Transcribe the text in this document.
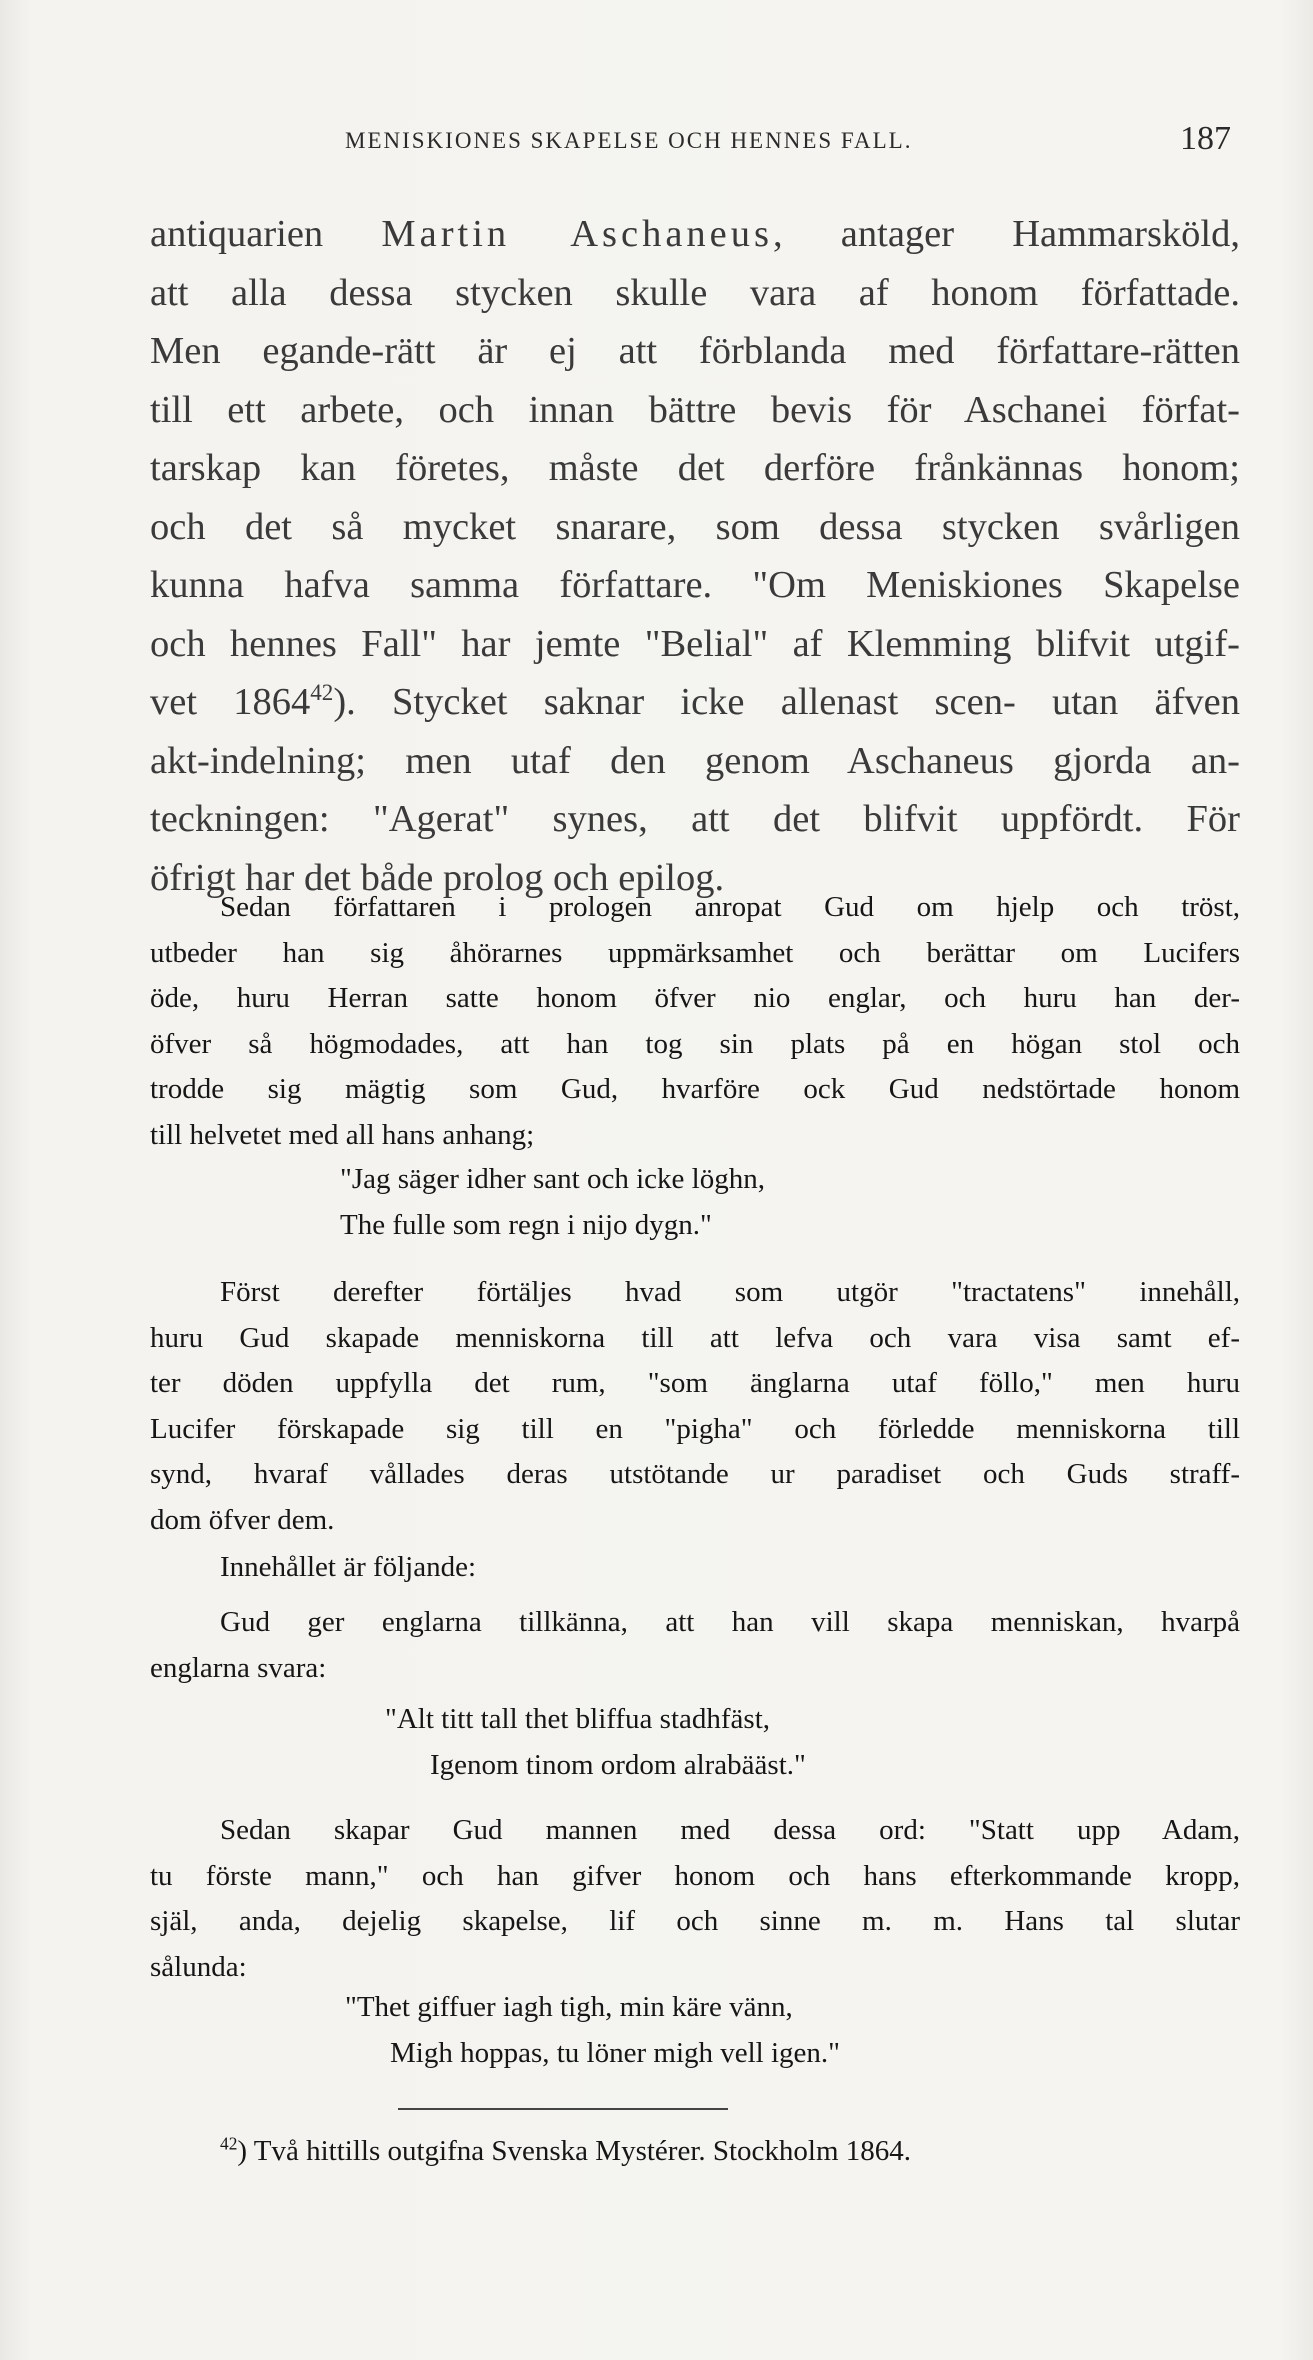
MENISKIONES SKAPELSE OCH HENNES FALL.	187
antiquarien Martin Aschaneus, antager Hammarsköld,
att alla dessa stycken skulle vara af honom författade.
Men egande-rätt är ej att förblanda med författare-rätten
till ett arbete, och innan bättre bevis för Aschanei förfat-
tarskap kan företes, måste det derföre frånkännas honom;
och det så mycket snarare, som dessa stycken svårligen
kunna hafva samma författare. "Om Meniskiones Skapelse
och hennes Fall" har jemte "Belial" af Klemming blifvit utgif-
vet 1864$^{42}$). Stycket saknar icke allenast scen- utan äfven
akt-indelning; men utaf den genom Aschaneus gjorda an-
teckningen: "Agerat" synes, att det blifvit uppfördt. För
öfrigt har det både prolog och epilog.
Sedan författaren i prologen anropat Gud om hjelp och tröst,
utbeder han sig åhörarnes uppmärksamhet och berättar om Lucifers
öde, huru Herran satte honom öfver nio englar, och huru han der-
öfver så högmodades, att han tog sin plats på en högan stol och
trodde sig mägtig som Gud, hvarföre ock Gud nedstörtade honom
till helvetet med all hans anhang;
"Jag säger idher sant och icke löghn,
The fulle som regn i nijo dygn."
Först derefter förtäljes hvad som utgör "tractatens" innehåll,
huru Gud skapade menniskorna till att lefva och vara visa samt ef-
ter döden uppfylla det rum, "som änglarna utaf föllo," men huru
Lucifer förskapade sig till en "pigha" och förledde menniskorna till
synd, hvaraf vållades deras utstötande ur paradiset och Guds straff-
dom öfver dem.
Innehållet är följande:
Gud ger englarna tillkänna, att han vill skapa menniskan, hvarpå
englarna svara:
"Alt titt tall thet bliffua stadhfäst,
Igenom tinom ordom alrabääst."
Sedan skapar Gud mannen med dessa ord: "Statt upp Adam,
tu förste mann," och han gifver honom och hans efterkommande kropp,
själ, anda, dejelig skapelse, lif och sinne m. m. Hans tal slutar
sålunda:
"Thet giffuer iagh tigh, min käre vänn,
Migh hoppas, tu löner migh vell igen."
$^{42}$) Två hittills outgifna Svenska Mystérer. Stockholm 1864.
